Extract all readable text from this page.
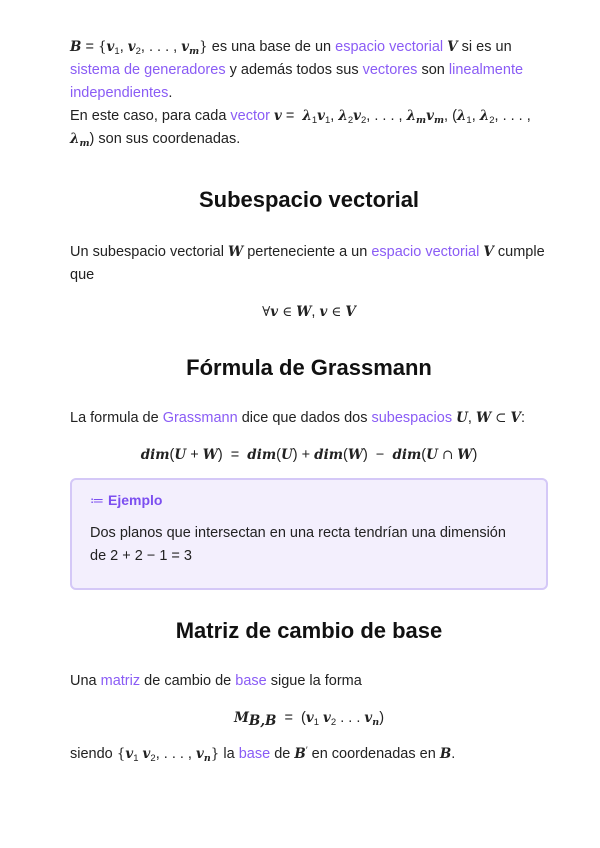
$B = \{v_1$, $v_2$, . . . , $v_m$} es una base de un espacio vectorial V si es un sistema de generadores y además todos sus vectores son linealmente independientes.

En este caso, para cada vector $v = \lambda_1v_1$, $\lambda_2v_2$, . . . , $\lambda_mv_m$, ($\lambda_1$, $\lambda_2$, . . . , $\lambda_m$) son sus coordenadas.

Subespacio vectorial

Un subespacio vectorial W perteneciente a un espacio vectorial V cumple que

∀v ∈ W, v ∈ V

Fórmula de Grassmann

La formula de Grassmann dice que dados dos subespacios U, W ⊂ V:

dim(U + W)  =  dim(U) + dim(W)  −  dim(U ∩ W)

≔ Ejemplo

Dos planos que intersectan en una recta tendrían una dimensión

de 2 + 2 − 1 = 3

Matriz de cambio de base

Una matriz de cambio de base sigue la forma

$M_{B,B} = (v_1$ $v_2$ . . . $v_n$)

siendo {$v_1$ $v_2$, . . . , $v_n$} la base de B′ en coordenadas en B.
